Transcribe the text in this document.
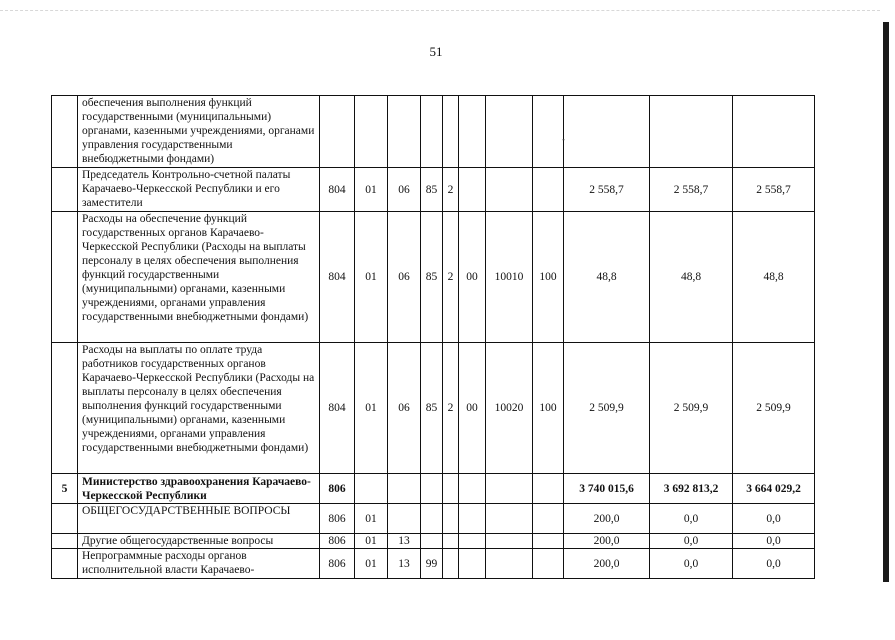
51
	обеспечения выполнения функций государственными (муниципальными) органами, казенными учреждениями, органами управления государственными внебюджетными фондами)											
	Председатель Контрольно-счетной палаты Карачаево-Черкесской Республики и его заместители	804	01	06	85	2				2 558,7	2 558,7	2 558,7
	Расходы на обеспечение функций государственных органов Карачаево-Черкесской Республики (Расходы на выплаты персоналу в целях обеспечения выполнения функций государственными (муниципальными) органами, казенными учреждениями, органами управления государственными внебюджетными фондами)	804	01	06	85	2	00	10010	100	48,8	48,8	48,8
	Расходы на выплаты по оплате труда работников государственных органов Карачаево-Черкесской Республики (Расходы на выплаты персоналу в целях обеспечения выполнения функций государственными (муниципальными) органами, казенными учреждениями, органами управления государственными внебюджетными фондами)	804	01	06	85	2	00	10020	100	2 509,9	2 509,9	2 509,9
5	Министерство здравоохранения Карачаево-Черкесской Республики	806								3 740 015,6	3 692 813,2	3 664 029,2
	ОБЩЕГОСУДАРСТВЕННЫЕ ВОПРОСЫ	806	01							200,0	0,0	0,0
	Другие общегосударственные вопросы	806	01	13						200,0	0,0	0,0
	Непрограммные расходы органов исполнительной власти Карачаево-	806	01	13	99					200,0	0,0	0,0
-
